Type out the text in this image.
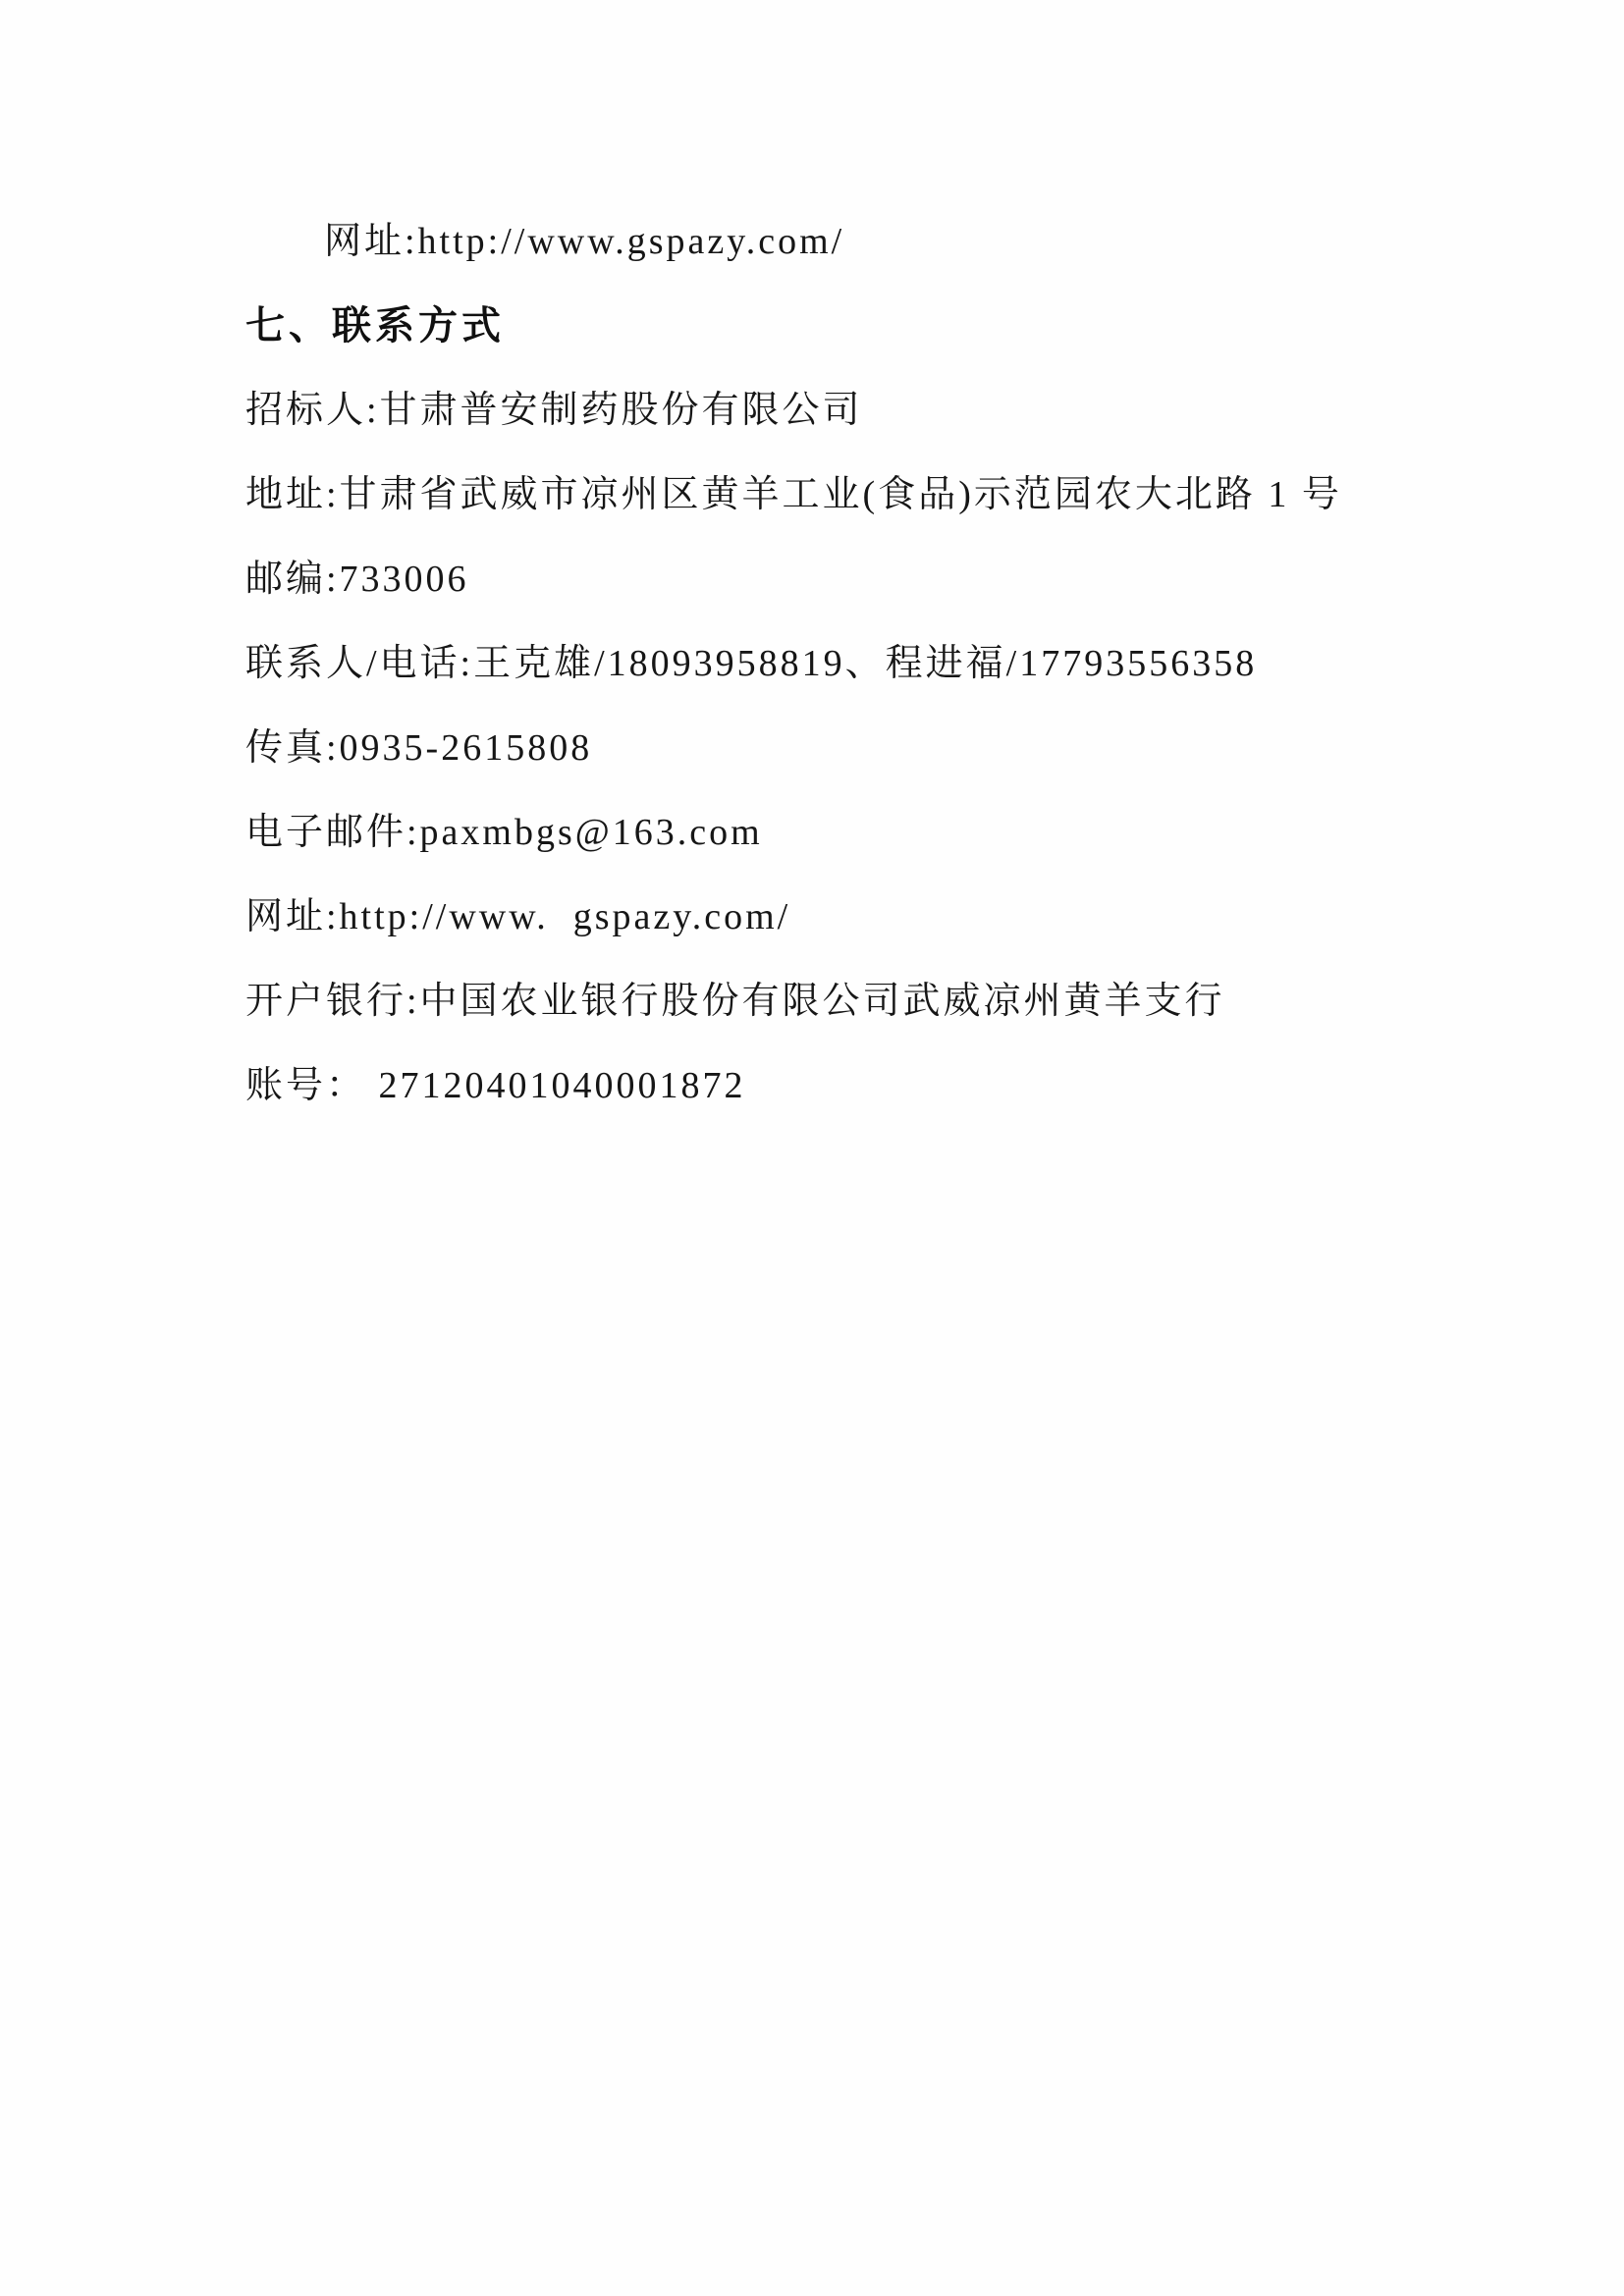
网址:http://www.gspazy.com/

七、联系方式

招标人:甘肃普安制药股份有限公司

地址:甘肃省武威市凉州区黄羊工业(食品)示范园农大北路 1 号

邮编:733006

联系人/电话:王克雄/18093958819、程进福/17793556358

传真:0935-2615808

电子邮件:paxmbgs@163.com

网址:http://www.  gspazy.com/

开户银行:中国农业银行股份有限公司武威凉州黄羊支行

账号： 27120401040001872
